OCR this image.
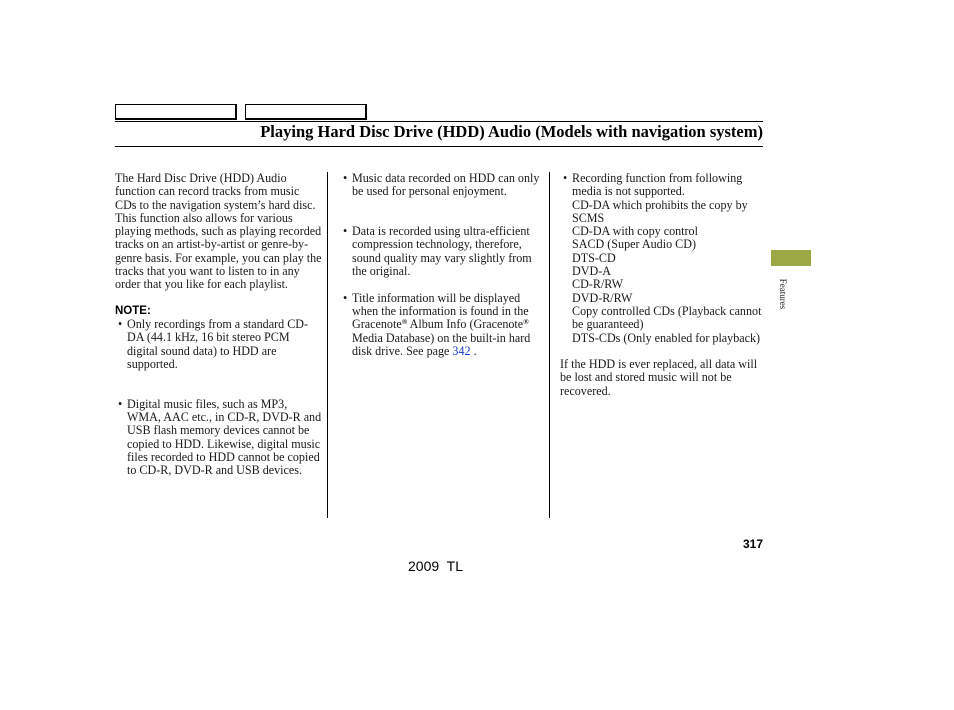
Playing Hard Disc Drive (HDD) Audio (Models with navigation system)

The Hard Disc Drive (HDD) Audio function can record tracks from music CDs to the navigation system’s hard disc. This function also allows for various playing methods, such as playing recorded tracks on an artist-by-artist or genre-by-genre basis. For example, you can play the tracks that you want to listen to in any order that you like for each playlist.

NOTE:

• Only recordings from a standard CD-DA (44.1 kHz, 16 bit stereo PCM digital sound data) to HDD are supported.

• Digital music files, such as MP3, WMA, AAC etc., in CD-R, DVD-R and USB flash memory devices cannot be copied to HDD. Likewise, digital music files recorded to HDD cannot be copied to CD-R, DVD-R and USB devices.

• Music data recorded on HDD can only be used for personal enjoyment.

• Data is recorded using ultra-efficient compression technology, therefore, sound quality may vary slightly from the original.

• Title information will be displayed when the information is found in the Gracenote® Album Info (Gracenote® Media Database) on the built-in hard disk drive. See page 342 .

• Recording function from following media is not supported.

CD-DA which prohibits the copy by SCMS

CD-DA with copy control

SACD (Super Audio CD)

DTS-CD

DVD-A

CD-R/RW

DVD-R/RW

Copy controlled CDs (Playback cannot be guaranteed)

DTS-CDs (Only enabled for playback)

If the HDD is ever replaced, all data will be lost and stored music will not be recovered.

Features
317
2009  TL
